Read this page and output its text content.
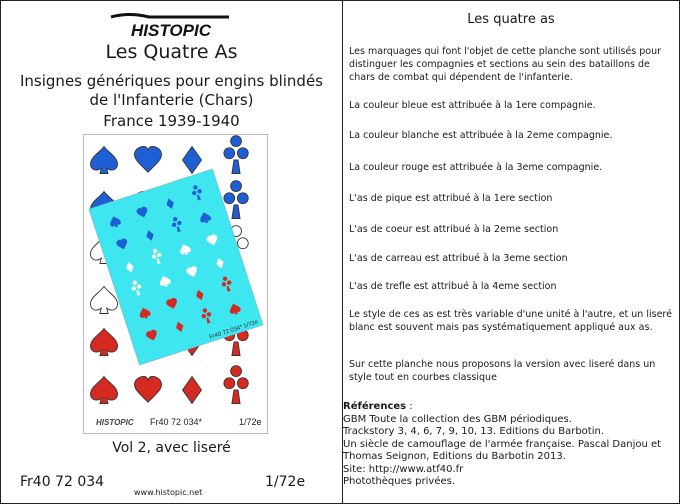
HISTOPIC
Les Quatre As
Insignes génériques pour engins blindés
de l'Infanterie (Chars)
France 1939-1940
Fr40 72 034* 1/72e
HISTOPIC Fr40 72 034*	1/72e
Vol 2, avec liseré
Fr40 72 034
www.histopic.net
1/72e
Les quatre as

Les marquages qui font l'objet de cette planche sont utilisés pour distinguer les compagnies et sections au sein des bataillons de chars de combat qui dépendent de l'infanterie.

La couleur bleue est attribuée à la 1ere compagnie.

La couleur blanche est attribuée à la 2eme compagnie.

La couleur rouge est attribuée à la 3eme compagnie.

L'as de pique est attribué à la 1ere section

L'as de coeur est attribué à la 2eme section

L'as de carreau est attribué à la 3eme section

L'as de trefle est attribué à la 4eme section

Le style de ces as est très variable d'une unité à l'autre, et un liseré blanc est souvent mais pas systématiquement appliqué aux as.

Sur cette planche nous proposons la version avec liseré dans un style tout en courbes classique

Références :
GBM Toute la collection des GBM périodiques.
Trackstory 3, 4, 6, 7, 9, 10, 13. Editions du Barbotin.
Un siècle de camouflage de l'armée française. Pascal Danjou et Thomas Seignon, Editions du Barbotin 2013.
Site: http://www.atf40.fr
Photothèques privées.
